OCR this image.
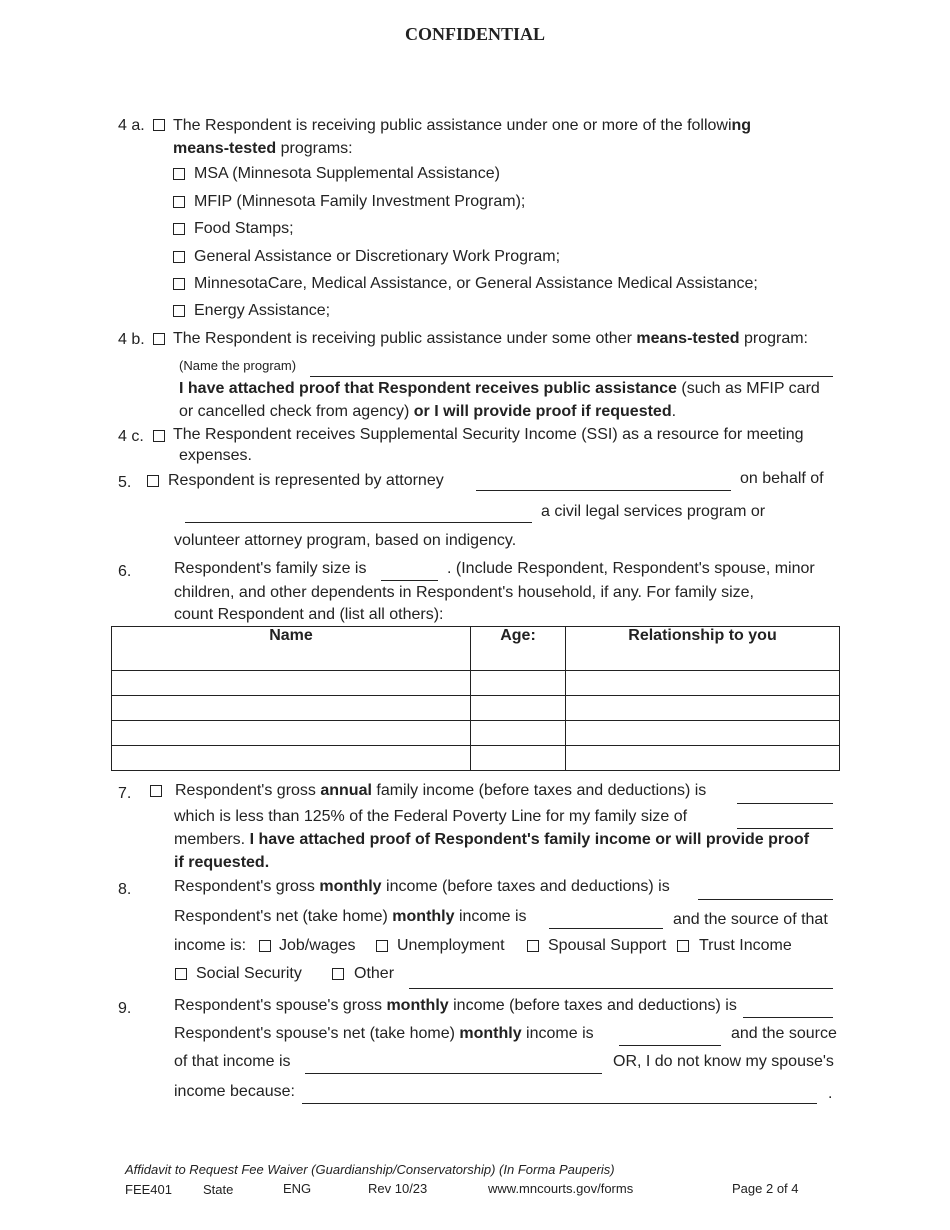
CONFIDENTIAL
4 a. The Respondent is receiving public assistance under one or more of the following
means-tested programs:
MSA (Minnesota Supplemental Assistance)
MFIP (Minnesota Family Investment Program);
Food Stamps;
General Assistance or Discretionary Work Program;
MinnesotaCare, Medical Assistance, or General Assistance Medical Assistance;
Energy Assistance;
4 b. The Respondent is receiving public assistance under some other means-tested program:
(Name the program)
I have attached proof that Respondent receives public assistance (such as MFIP card
or cancelled check from agency) or I will provide proof if requested.
4 c. The Respondent receives Supplemental Security Income (SSI) as a resource for meeting
expenses.
5. Respondent is represented by attorney	on behalf of
a civil legal services program or
volunteer attorney program, based on indigency.
6.	Respondent's family size is	. (Include Respondent, Respondent's spouse, minor
children, and other dependents in Respondent's household, if any. For family size,
count Respondent and (list all others):
Name	Age:	Relationship to you

7.	Respondent's gross annual family income (before taxes and deductions) is
which is less than 125% of the Federal Poverty Line for my family size of
members. I have attached proof of Respondent's family income or will provide proof
if requested.
8.	Respondent's gross monthly income (before taxes and deductions) is
Respondent's net (take home) monthly income is	and the source of that
income is: Job/wages	Unemployment	Spousal Support Trust Income
Social Security	Other
9.	Respondent's spouse's gross monthly income (before taxes and deductions) is
Respondent's spouse's net (take home) monthly income is	and the source
of that income is	OR, I do not know my spouse's
income because:	.
Affidavit to Request Fee Waiver (Guardianship/Conservatorship) (In Forma Pauperis)
FEE401 State	ENG	Rev 10/23	www.mncourts.gov/forms	Page 2 of 4
